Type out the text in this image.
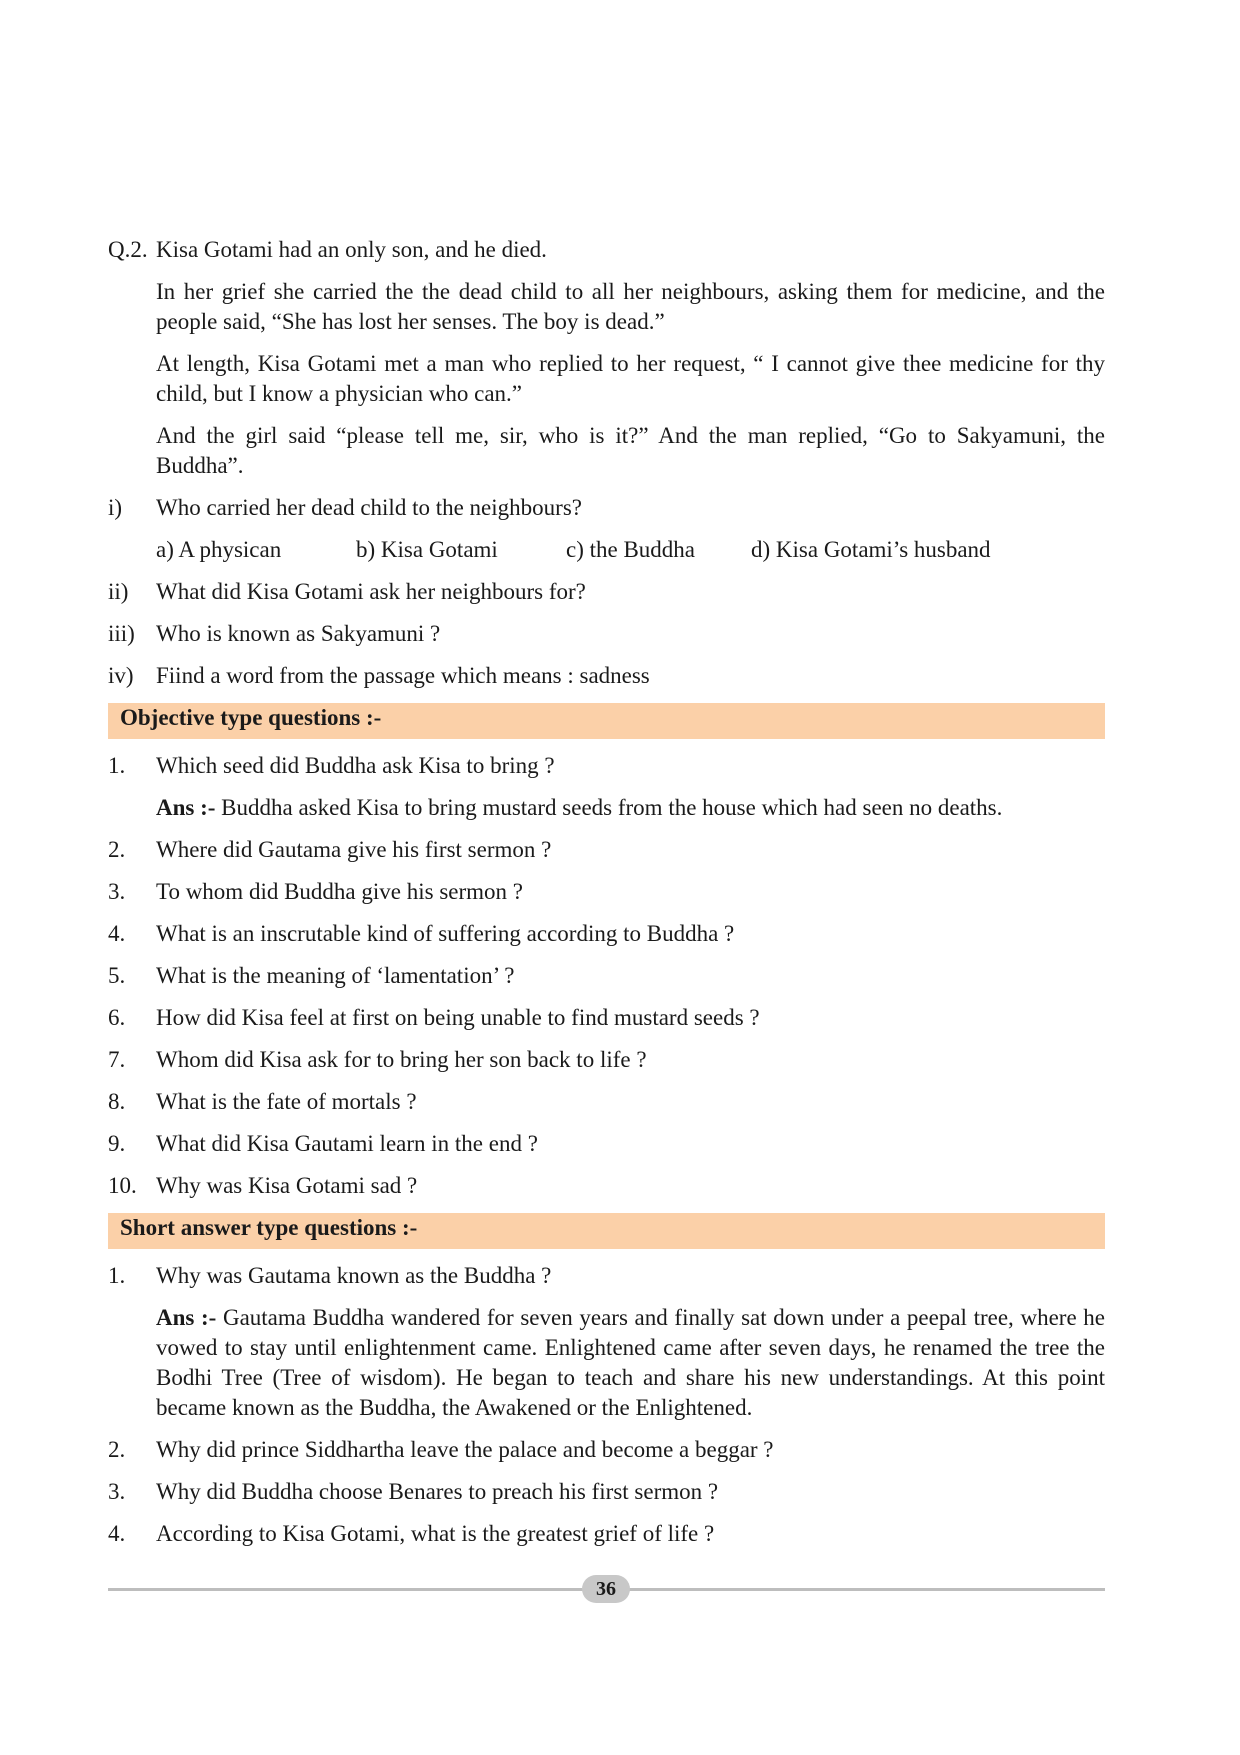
Q.2. Kisa Gotami had an only son, and he died.
In her grief she carried the the dead child to all her neighbours, asking them for medicine, and the people said, “She has lost her senses. The boy is dead.”
At length, Kisa Gotami met a man who replied to her request, “ I cannot give thee medicine for thy child, but I know a physician who can.”
And the girl said “please tell me, sir, who is it?” And the man replied, “Go to Sakyamuni, the Buddha”.
i)	Who carried her dead child to the neighbours?
a) A physican	b) Kisa Gotami	c) the Buddha	d) Kisa Gotami’s husband
ii)	What did Kisa Gotami ask her neighbours for?
iii) Who is known as Sakyamuni ?
iv) Fiind a word from the passage which means : sadness
Objective type questions :-
1.	Which seed did Buddha ask Kisa to bring ?
Ans :- Buddha asked Kisa to bring mustard seeds from the house which had seen no deaths.
2.	Where did Gautama give his first sermon ?
3.	To whom did Buddha give his sermon ?
4.	What is an inscrutable kind of suffering according to Buddha ?
5.	What is the meaning of ‘lamentation’ ?
6.	How did Kisa feel at first on being unable to find mustard seeds ?
7.	Whom did Kisa ask for to bring her son back to life ?
8.	What is the fate of mortals ?
9.	What did Kisa Gautami learn in the end ?
10. Why was Kisa Gotami sad ?
Short answer type questions :-
1.	Why was Gautama known as the Buddha ?
Ans :- Gautama Buddha wandered for seven years and finally sat down under a peepal tree, where he vowed to stay until enlightenment came. Enlightened came after seven days, he renamed the tree the Bodhi Tree (Tree of wisdom). He began to teach and share his new understandings. At this point became known as the Buddha, the Awakened or the Enlightened.
2.	Why did prince Siddhartha leave the palace and become a beggar ?
3.	Why did Buddha choose Benares to preach his first sermon ?
4.	According to Kisa Gotami, what is the greatest grief of life ?
36
